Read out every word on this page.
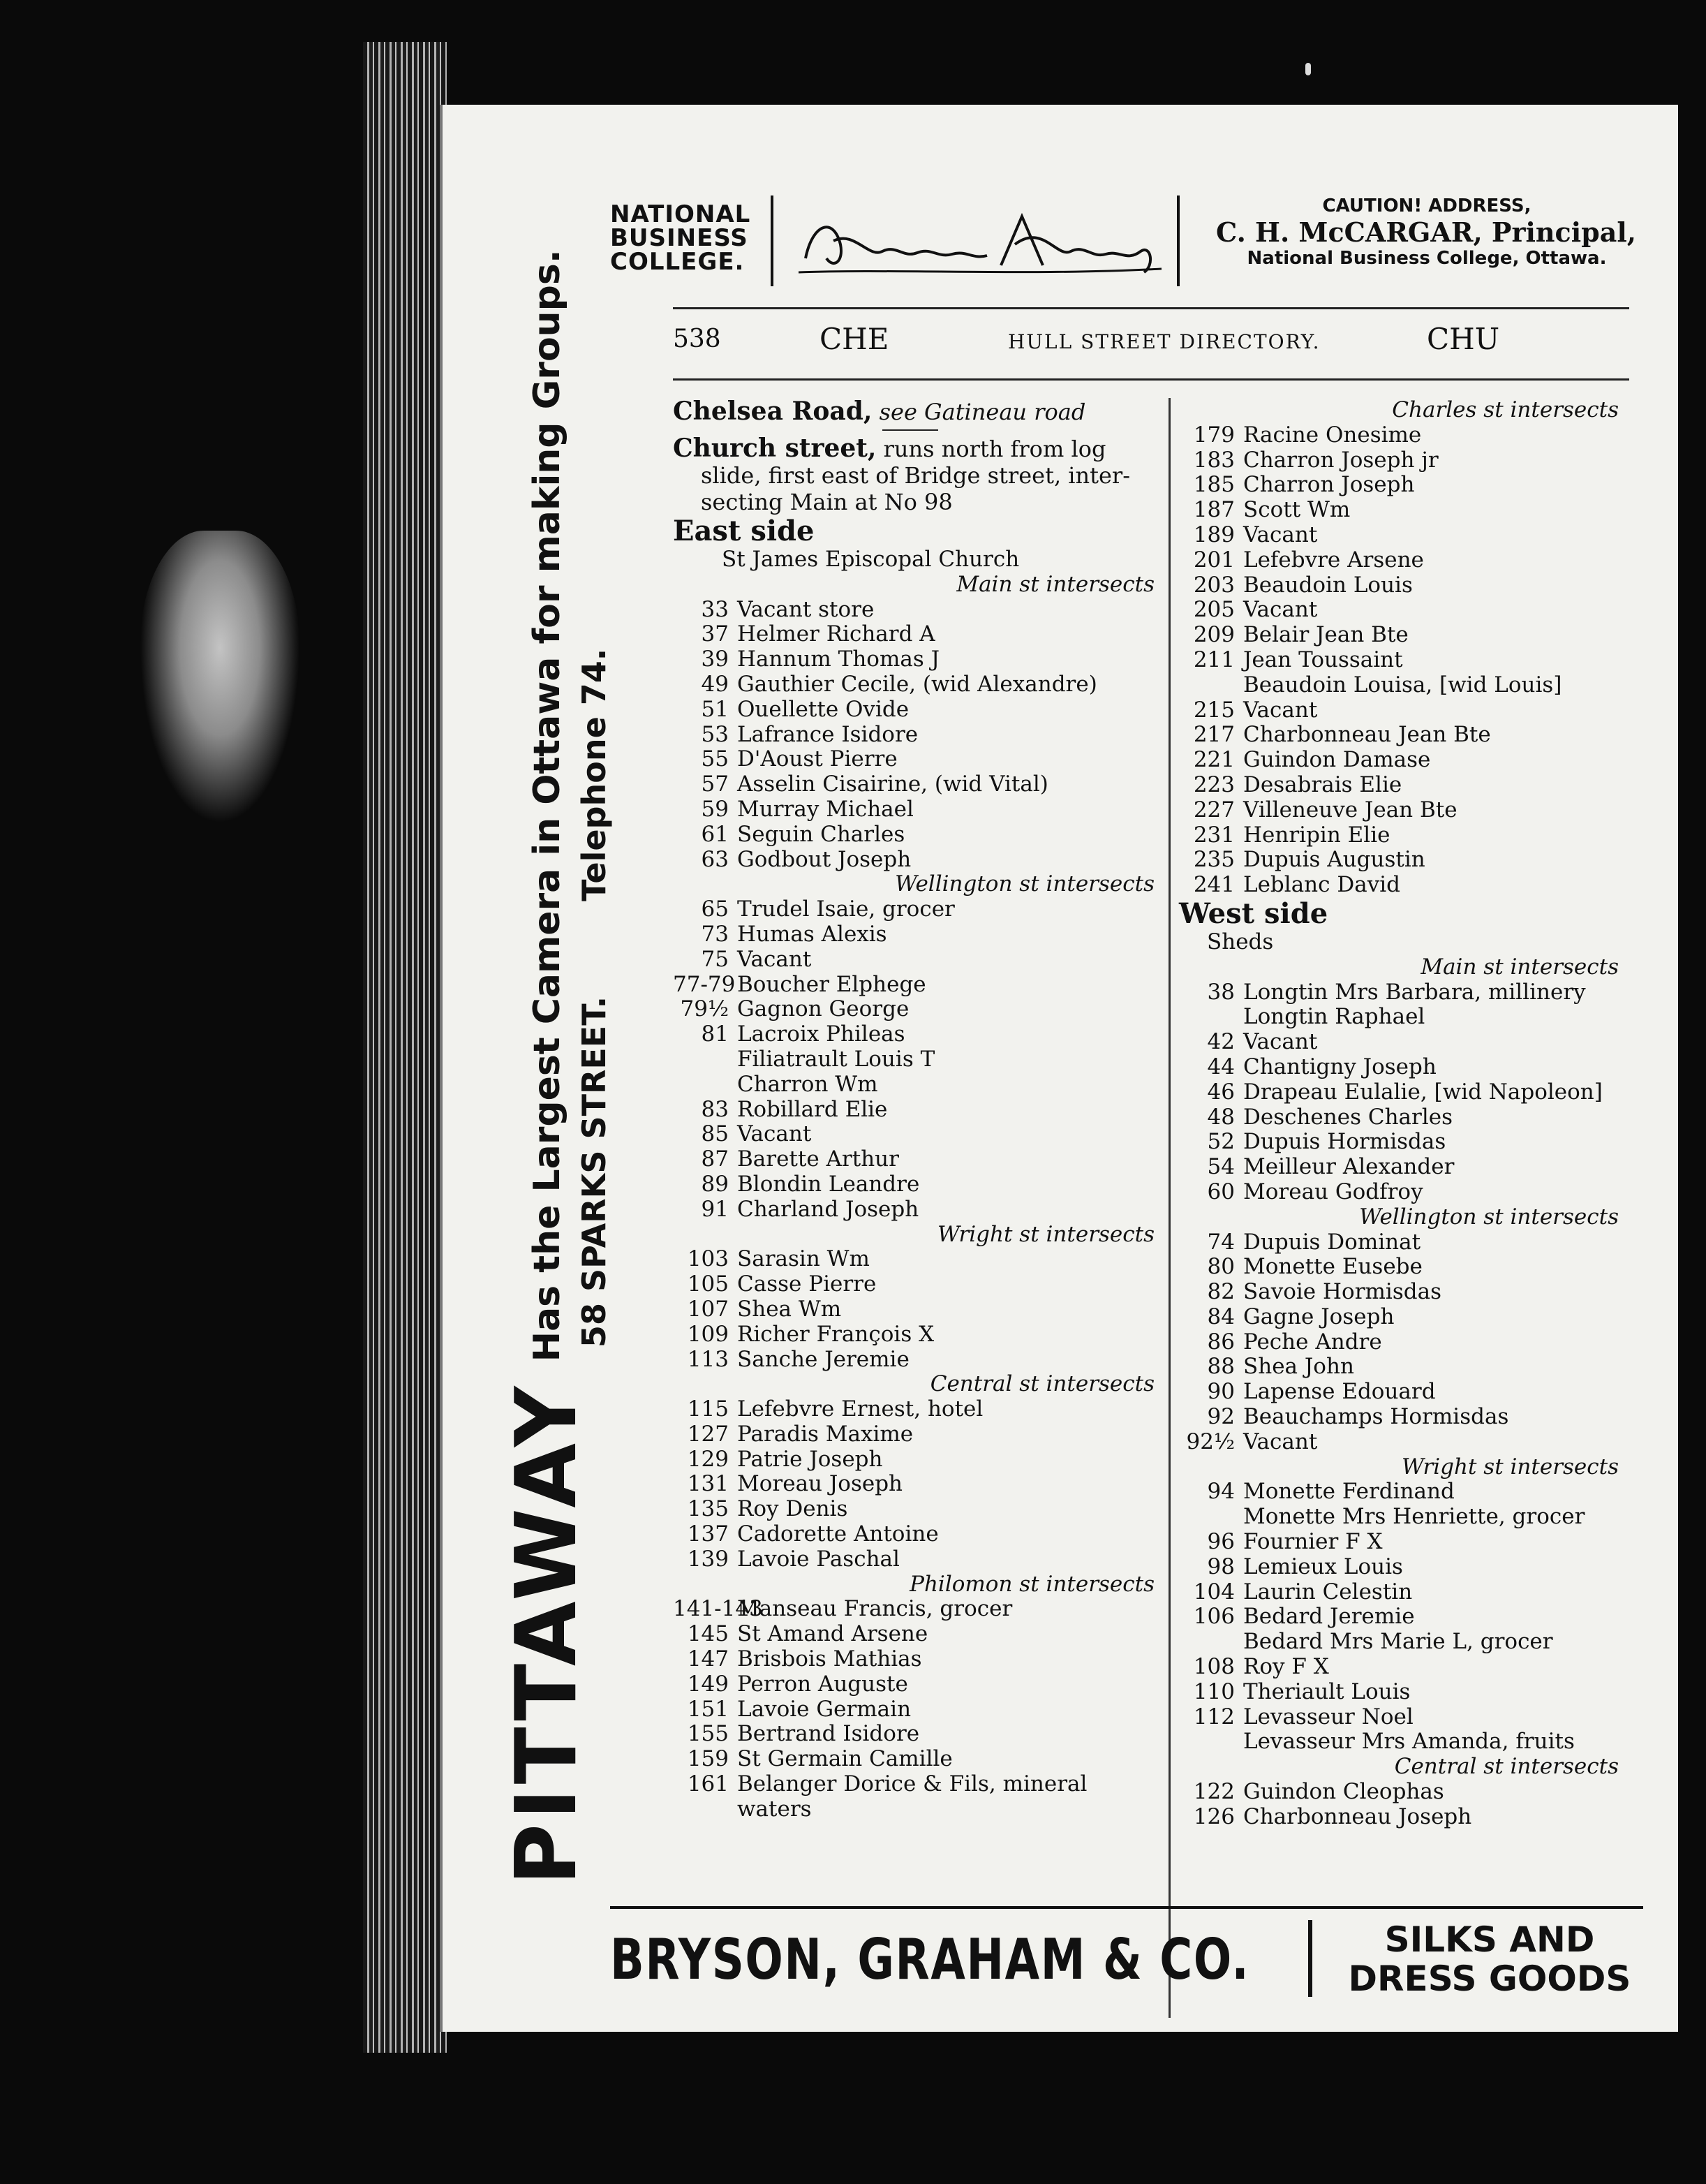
NATIONAL
BUSINESS
COLLEGE.
CAUTION! ADDRESS,
C. H. McCARGAR, Principal,
National Business College, Ottawa.
538	CHE	HULL STREET DIRECTORY.	CHU
PITTAWAY Has the Largest Camera in Ottawa for making Groups. 58 SPARKS STREET. Telephone 74.
Chelsea Road, see Gatineau road
Church street, runs north from log
slide, first east of Bridge street, inter-
secting Main at No 98
East side
St James Episcopal Church
Main st intersects
33 Vacant store
37 Helmer Richard A
39 Hannum Thomas J
49 Gauthier Cecile, (wid Alexandre)
51 Ouellette Ovide
53 Lafrance Isidore
55 D'Aoust Pierre
57 Asselin Cisairine, (wid Vital)
59 Murray Michael
61 Seguin Charles
63 Godbout Joseph
Wellington st intersects
65 Trudel Isaie, grocer
73 Humas Alexis
75 Vacant
77-79Boucher Elphege
79½ Gagnon George
81 Lacroix Phileas
Filiatrault Louis T
Charron Wm
83 Robillard Elie
85 Vacant
87 Barette Arthur
89 Blondin Leandre
91 Charland Joseph
Wright st intersects
103 Sarasin Wm
105 Casse Pierre
107 Shea Wm
109 Richer François X
113 Sanche Jeremie
Central st intersects
115 Lefebvre Ernest, hotel
127 Paradis Maxime
129 Patrie Joseph
131 Moreau Joseph
135 Roy Denis
137 Cadorette Antoine
139 Lavoie Paschal
Philomon st intersects
141-143Manseau Francis, grocer
145 St Amand Arsene
147 Brisbois Mathias
149 Perron Auguste
151 Lavoie Germain
155 Bertrand Isidore
159 St Germain Camille
161 Belanger Dorice & Fils, mineral
waters
Charles st intersects
179 Racine Onesime
183 Charron Joseph jr
185 Charron Joseph
187 Scott Wm
189 Vacant
201 Lefebvre Arsene
203 Beaudoin Louis
205 Vacant
209 Belair Jean Bte
211 Jean Toussaint
Beaudoin Louisa, [wid Louis]
215 Vacant
217 Charbonneau Jean Bte
221 Guindon Damase
223 Desabrais Elie
227 Villeneuve Jean Bte
231 Henripin Elie
235 Dupuis Augustin
241 Leblanc David
West side
Sheds
Main st intersects
38 Longtin Mrs Barbara, millinery
Longtin Raphael
42 Vacant
44 Chantigny Joseph
46 Drapeau Eulalie, [wid Napoleon]
48 Deschenes Charles
52 Dupuis Hormisdas
54 Meilleur Alexander
60 Moreau Godfroy
Wellington st intersects
74 Dupuis Dominat
80 Monette Eusebe
82 Savoie Hormisdas
84 Gagne Joseph
86 Peche Andre
88 Shea John
90 Lapense Edouard
92 Beauchamps Hormisdas
92½ Vacant
Wright st intersects
94 Monette Ferdinand
Monette Mrs Henriette, grocer
96 Fournier F X
98 Lemieux Louis
104 Laurin Celestin
106 Bedard Jeremie
Bedard Mrs Marie L, grocer
108 Roy F X
110 Theriault Louis
112 Levasseur Noel
Levasseur Mrs Amanda, fruits
Central st intersects
122 Guindon Cleophas
126 Charbonneau Joseph
BRYSON, GRAHAM & CO.	SILKS AND
DRESS GOODS
